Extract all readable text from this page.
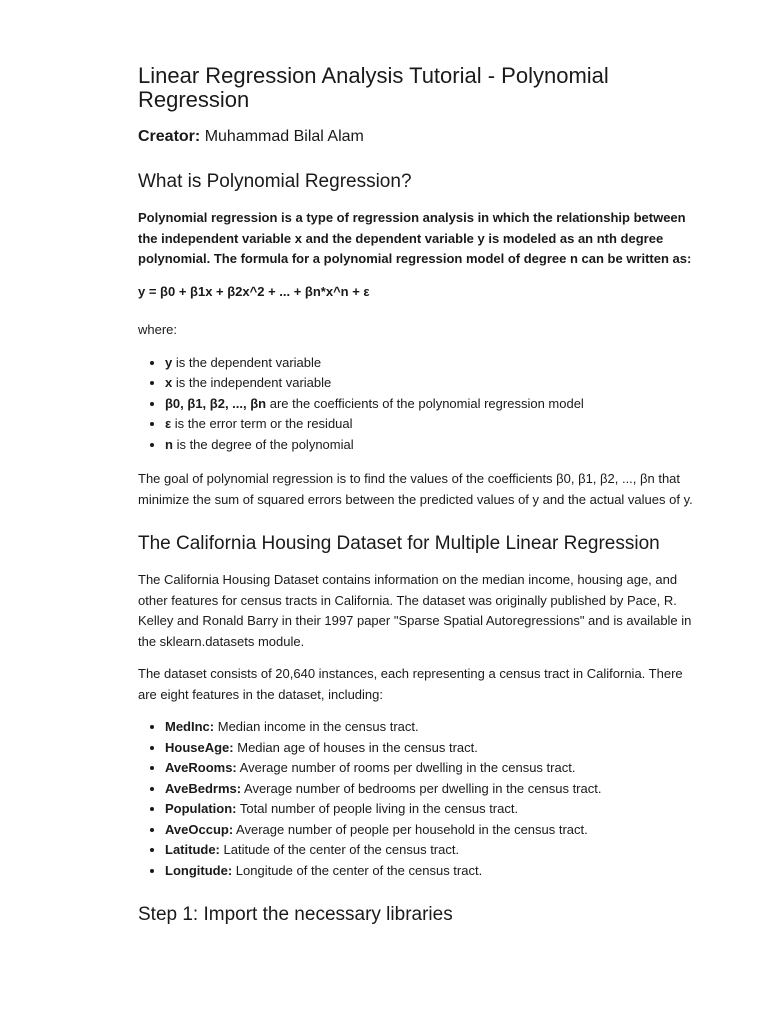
Linear Regression Analysis Tutorial - Polynomial Regression
Creator: Muhammad Bilal Alam
What is Polynomial Regression?

Polynomial regression is a type of regression analysis in which the relationship between the independent variable x and the dependent variable y is modeled as an nth degree polynomial. The formula for a polynomial regression model of degree n can be written as:

y = β0 + β1x + β2x^2 + ... + βn*x^n + ε

where:

• y is the dependent variable
• x is the independent variable
• β0, β1, β2, ..., βn are the coefficients of the polynomial regression model
• ε is the error term or the residual
• n is the degree of the polynomial

The goal of polynomial regression is to find the values of the coefficients β0, β1, β2, ..., βn that minimize the sum of squared errors between the predicted values of y and the actual values of y.

The California Housing Dataset for Multiple Linear Regression

The California Housing Dataset contains information on the median income, housing age, and other features for census tracts in California. The dataset was originally published by Pace, R. Kelley and Ronald Barry in their 1997 paper "Sparse Spatial Autoregressions" and is available in the sklearn.datasets module.

The dataset consists of 20,640 instances, each representing a census tract in California. There are eight features in the dataset, including:

• MedInc: Median income in the census tract.
• HouseAge: Median age of houses in the census tract.
• AveRooms: Average number of rooms per dwelling in the census tract.
• AveBedrms: Average number of bedrooms per dwelling in the census tract.
• Population: Total number of people living in the census tract.
• AveOccup: Average number of people per household in the census tract.
• Latitude: Latitude of the center of the census tract.
• Longitude: Longitude of the center of the census tract.
Step 1: Import the necessary libraries
